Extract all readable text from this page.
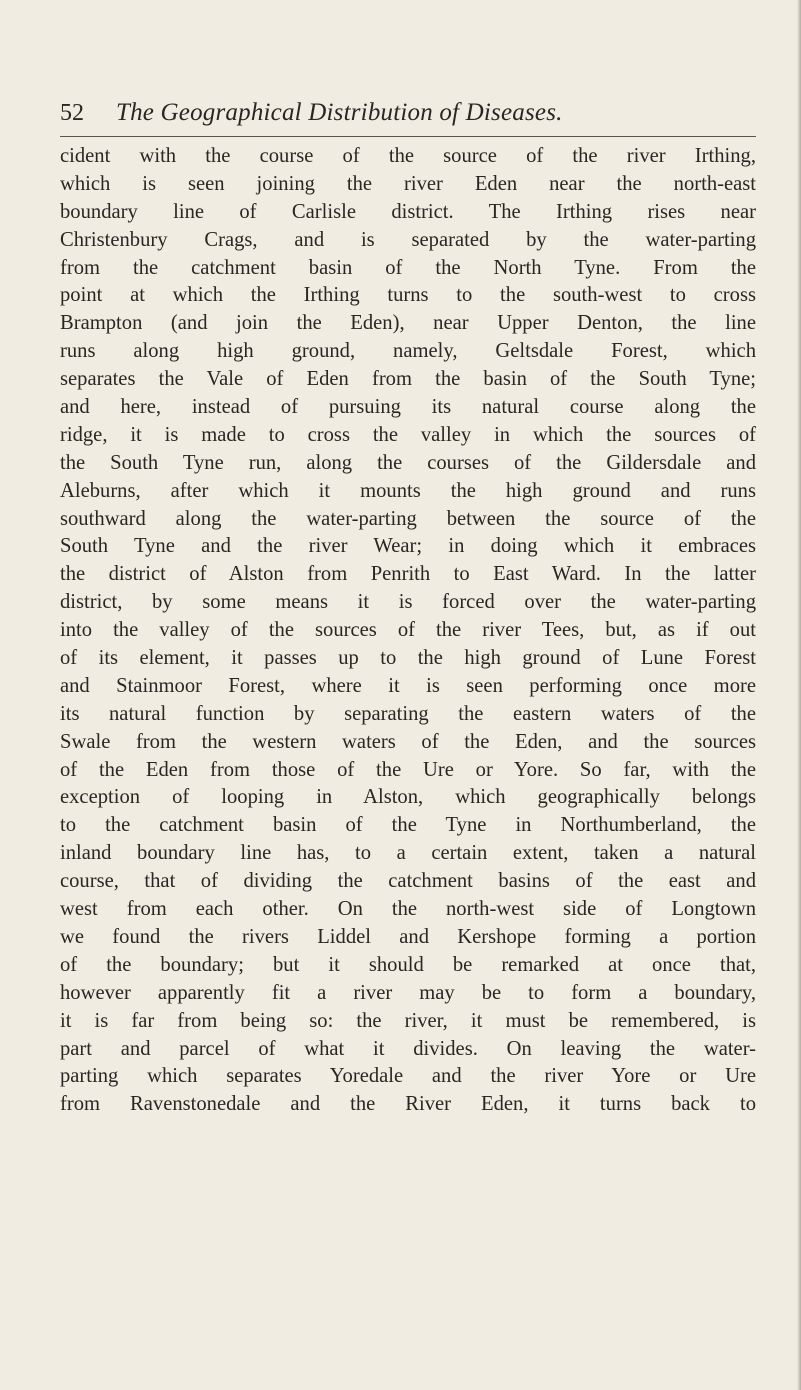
52 The Geographical Distribution of Diseases.
cident with the course of the source of the river Irthing,
which is seen joining the river Eden near the north-east
boundary line of Carlisle district. The Irthing rises near
Christenbury Crags, and is separated by the water-parting
from the catchment basin of the North Tyne. From the
point at which the Irthing turns to the south-west to cross
Brampton (and join the Eden), near Upper Denton, the line
runs along high ground, namely, Geltsdale Forest, which
separates the Vale of Eden from the basin of the South Tyne;
and here, instead of pursuing its natural course along the
ridge, it is made to cross the valley in which the sources of
the South Tyne run, along the courses of the Gildersdale and
Aleburns, after which it mounts the high ground and runs
southward along the water-parting between the source of the
South Tyne and the river Wear; in doing which it embraces
the district of Alston from Penrith to East Ward. In the latter
district, by some means it is forced over the water-parting
into the valley of the sources of the river Tees, but, as if out
of its element, it passes up to the high ground of Lune Forest
and Stainmoor Forest, where it is seen performing once more
its natural function by separating the eastern waters of the
Swale from the western waters of the Eden, and the sources
of the Eden from those of the Ure or Yore. So far, with the
exception of looping in Alston, which geographically belongs
to the catchment basin of the Tyne in Northumberland, the
inland boundary line has, to a certain extent, taken a natural
course, that of dividing the catchment basins of the east and
west from each other. On the north-west side of Longtown
we found the rivers Liddel and Kershope forming a portion
of the boundary; but it should be remarked at once that,
however apparently fit a river may be to form a boundary,
it is far from being so: the river, it must be remembered, is
part and parcel of what it divides. On leaving the water-
parting which separates Yoredale and the river Yore or Ure
from Ravenstonedale and the River Eden, it turns back to
